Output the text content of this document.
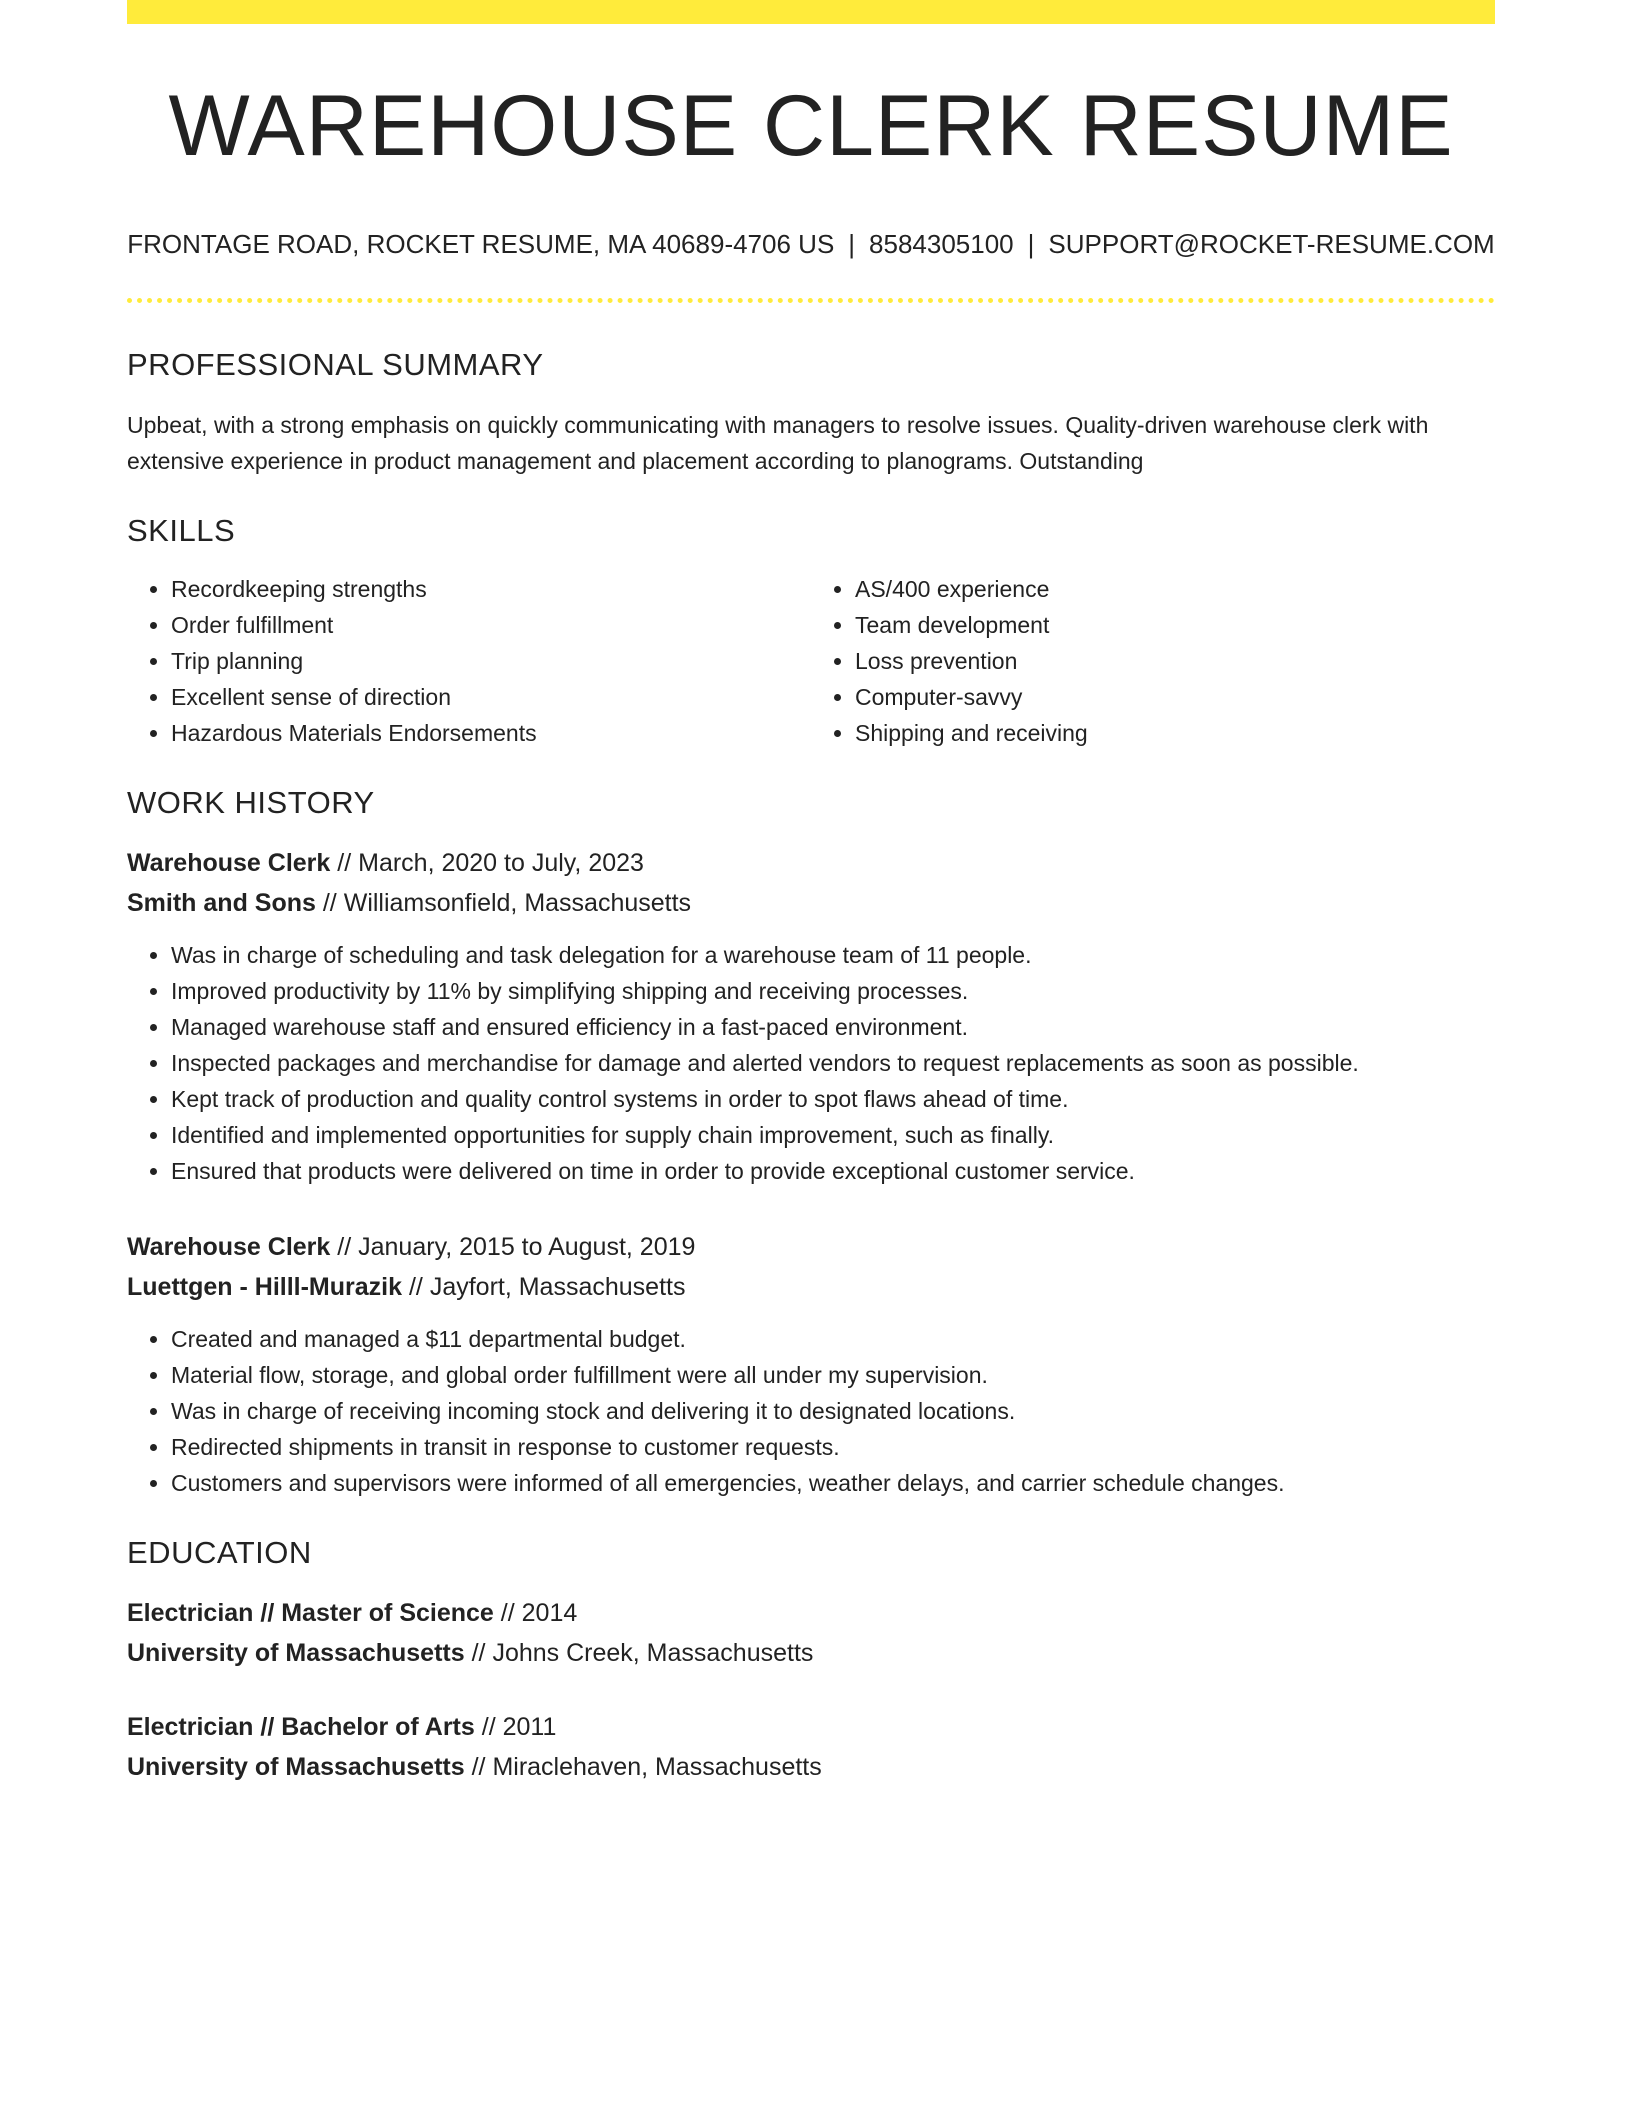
WAREHOUSE CLERK RESUME
FRONTAGE ROAD, ROCKET RESUME, MA 40689-4706 US | 8584305100 | SUPPORT@ROCKET-RESUME.COM
PROFESSIONAL SUMMARY

Upbeat, with a strong emphasis on quickly communicating with managers to resolve issues. Quality-driven warehouse clerk with extensive experience in product management and placement according to planograms. Outstanding

SKILLS
• Recordkeeping strengths
• Order fulfillment
• Trip planning
• Excellent sense of direction
• Hazardous Materials Endorsements
• AS/400 experience
• Team development
• Loss prevention
• Computer-savvy
• Shipping and receiving
WORK HISTORY
Warehouse Clerk // March, 2020 to July, 2023
Smith and Sons // Williamsonfield, Massachusetts
• Was in charge of scheduling and task delegation for a warehouse team of 11 people.
• Improved productivity by 11% by simplifying shipping and receiving processes.
• Managed warehouse staff and ensured efficiency in a fast-paced environment.
• Inspected packages and merchandise for damage and alerted vendors to request replacements as soon as possible.
• Kept track of production and quality control systems in order to spot flaws ahead of time.
• Identified and implemented opportunities for supply chain improvement, such as finally.
• Ensured that products were delivered on time in order to provide exceptional customer service.
Warehouse Clerk // January, 2015 to August, 2019
Luettgen - Hilll-Murazik // Jayfort, Massachusetts
• Created and managed a $11 departmental budget.
• Material flow, storage, and global order fulfillment were all under my supervision.
• Was in charge of receiving incoming stock and delivering it to designated locations.
• Redirected shipments in transit in response to customer requests.
• Customers and supervisors were informed of all emergencies, weather delays, and carrier schedule changes.
EDUCATION
Electrician // Master of Science // 2014
University of Massachusetts // Johns Creek, Massachusetts
Electrician // Bachelor of Arts // 2011
University of Massachusetts // Miraclehaven, Massachusetts
